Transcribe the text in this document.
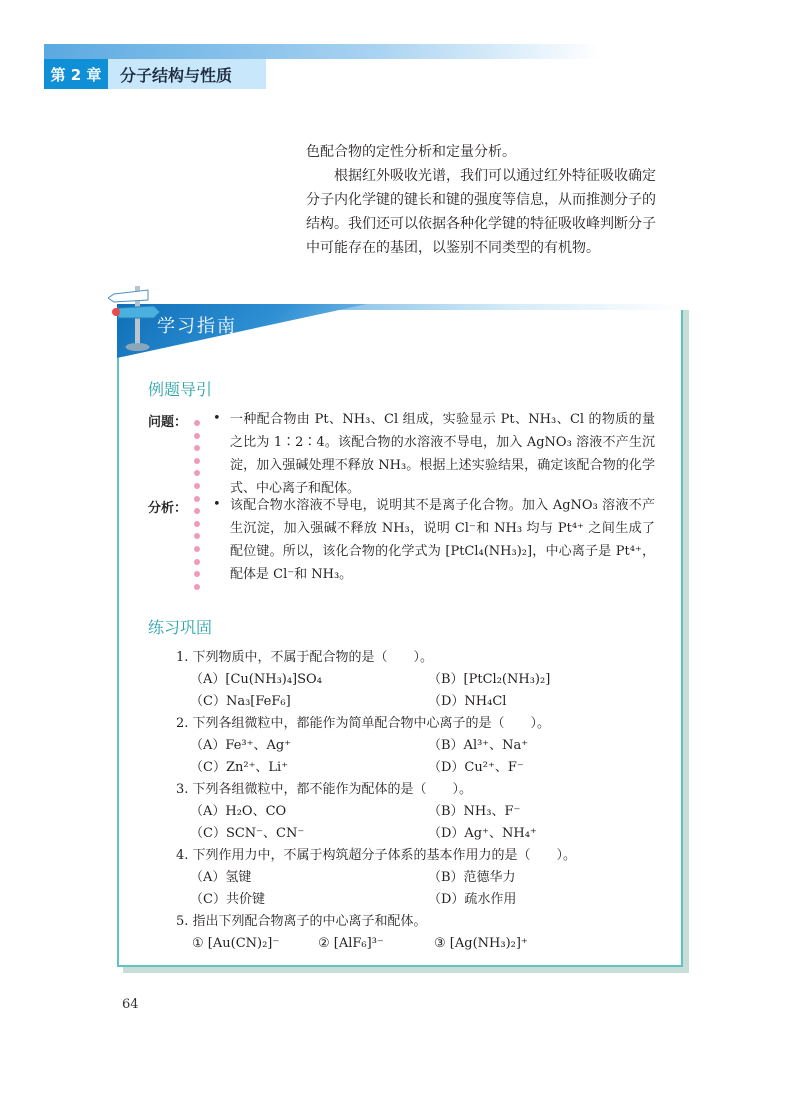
第 2 章	分子结构与性质

色配合物的定性分析和定量分析。

根据红外吸收光谱，我们可以通过红外特征吸收确定分子内化学键的键长和键的强度等信息，从而推测分子的结构。我们还可以依据各种化学键的特征吸收峰判断分子中可能存在的基团，以鉴别不同类型的有机物。

学习指南
例题导引
问题： • 一种配合物由 Pt、NH₃、Cl 组成，实验显示 Pt、NH₃、Cl 的物质的量之比为 1∶2∶4。该配合物的水溶液不导电，加入 AgNO₃ 溶液不产生沉淀，加入强碱处理不释放 NH₃。根据上述实验结果，确定该配合物的化学式、中心离子和配体。
分析： • 该配合物水溶液不导电，说明其不是离子化合物。加入 AgNO₃ 溶液不产生沉淀，加入强碱不释放 NH₃，说明 Cl⁻和 NH₃ 均与 Pt⁴⁺ 之间生成了配位键。所以，该化合物的化学式为 [PtCl₄(NH₃)₂]，中心离子是 Pt⁴⁺，配体是 Cl⁻和 NH₃。
练习巩固
1. 下列物质中，不属于配合物的是（　　）。
（A）[Cu(NH₃)₄]SO₄	（B）[PtCl₂(NH₃)₂]
（C）Na₃[FeF₆]	（D）NH₄Cl
2. 下列各组微粒中，都能作为简单配合物中心离子的是（　　）。
（A）Fe³⁺、Ag⁺	（B）Al³⁺、Na⁺
（C）Zn²⁺、Li⁺	（D）Cu²⁺、F⁻
3. 下列各组微粒中，都不能作为配体的是（　　）。
（A）H₂O、CO	（B）NH₃、F⁻
（C）SCN⁻、CN⁻	（D）Ag⁺、NH₄⁺
4. 下列作用力中，不属于构筑超分子体系的基本作用力的是（　　）。
（A）氢键	（B）范德华力
（C）共价键	（D）疏水作用
5. 指出下列配合物离子的中心离子和配体。
① [Au(CN)₂]⁻	② [AlF₆]³⁻	③ [Ag(NH₃)₂]⁺
64
